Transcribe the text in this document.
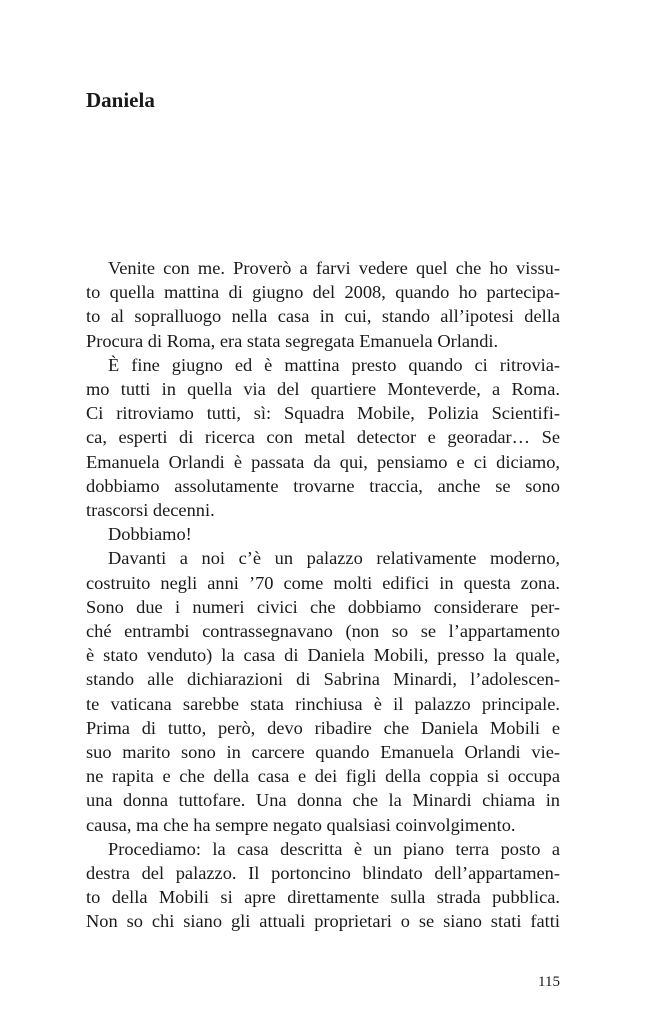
Daniela
Venite con me. Proverò a farvi vedere quel che ho vissu-
to quella mattina di giugno del 2008, quando ho partecipa-
to al sopralluogo nella casa in cui, stando all’ipotesi della
Procura di Roma, era stata segregata Emanuela Orlandi.
È fine giugno ed è mattina presto quando ci ritrovia-
mo tutti in quella via del quartiere Monteverde, a Roma.
Ci ritroviamo tutti, sì: Squadra Mobile, Polizia Scientifi-
ca, esperti di ricerca con metal detector e georadar… Se
Emanuela Orlandi è passata da qui, pensiamo e ci diciamo,
dobbiamo assolutamente trovarne traccia, anche se sono
trascorsi decenni.
Dobbiamo!
Davanti a noi c’è un palazzo relativamente moderno,
costruito negli anni ’70 come molti edifici in questa zona.
Sono due i numeri civici che dobbiamo considerare per-
ché entrambi contrassegnavano (non so se l’appartamento
è stato venduto) la casa di Daniela Mobili, presso la quale,
stando alle dichiarazioni di Sabrina Minardi, l’adolescen-
te vaticana sarebbe stata rinchiusa è il palazzo principale.
Prima di tutto, però, devo ribadire che Daniela Mobili e
suo marito sono in carcere quando Emanuela Orlandi vie-
ne rapita e che della casa e dei figli della coppia si occupa
una donna tuttofare. Una donna che la Minardi chiama in
causa, ma che ha sempre negato qualsiasi coinvolgimento.
Procediamo: la casa descritta è un piano terra posto a
destra del palazzo. Il portoncino blindato dell’appartamen-
to della Mobili si apre direttamente sulla strada pubblica.
Non so chi siano gli attuali proprietari o se siano stati fatti
115
